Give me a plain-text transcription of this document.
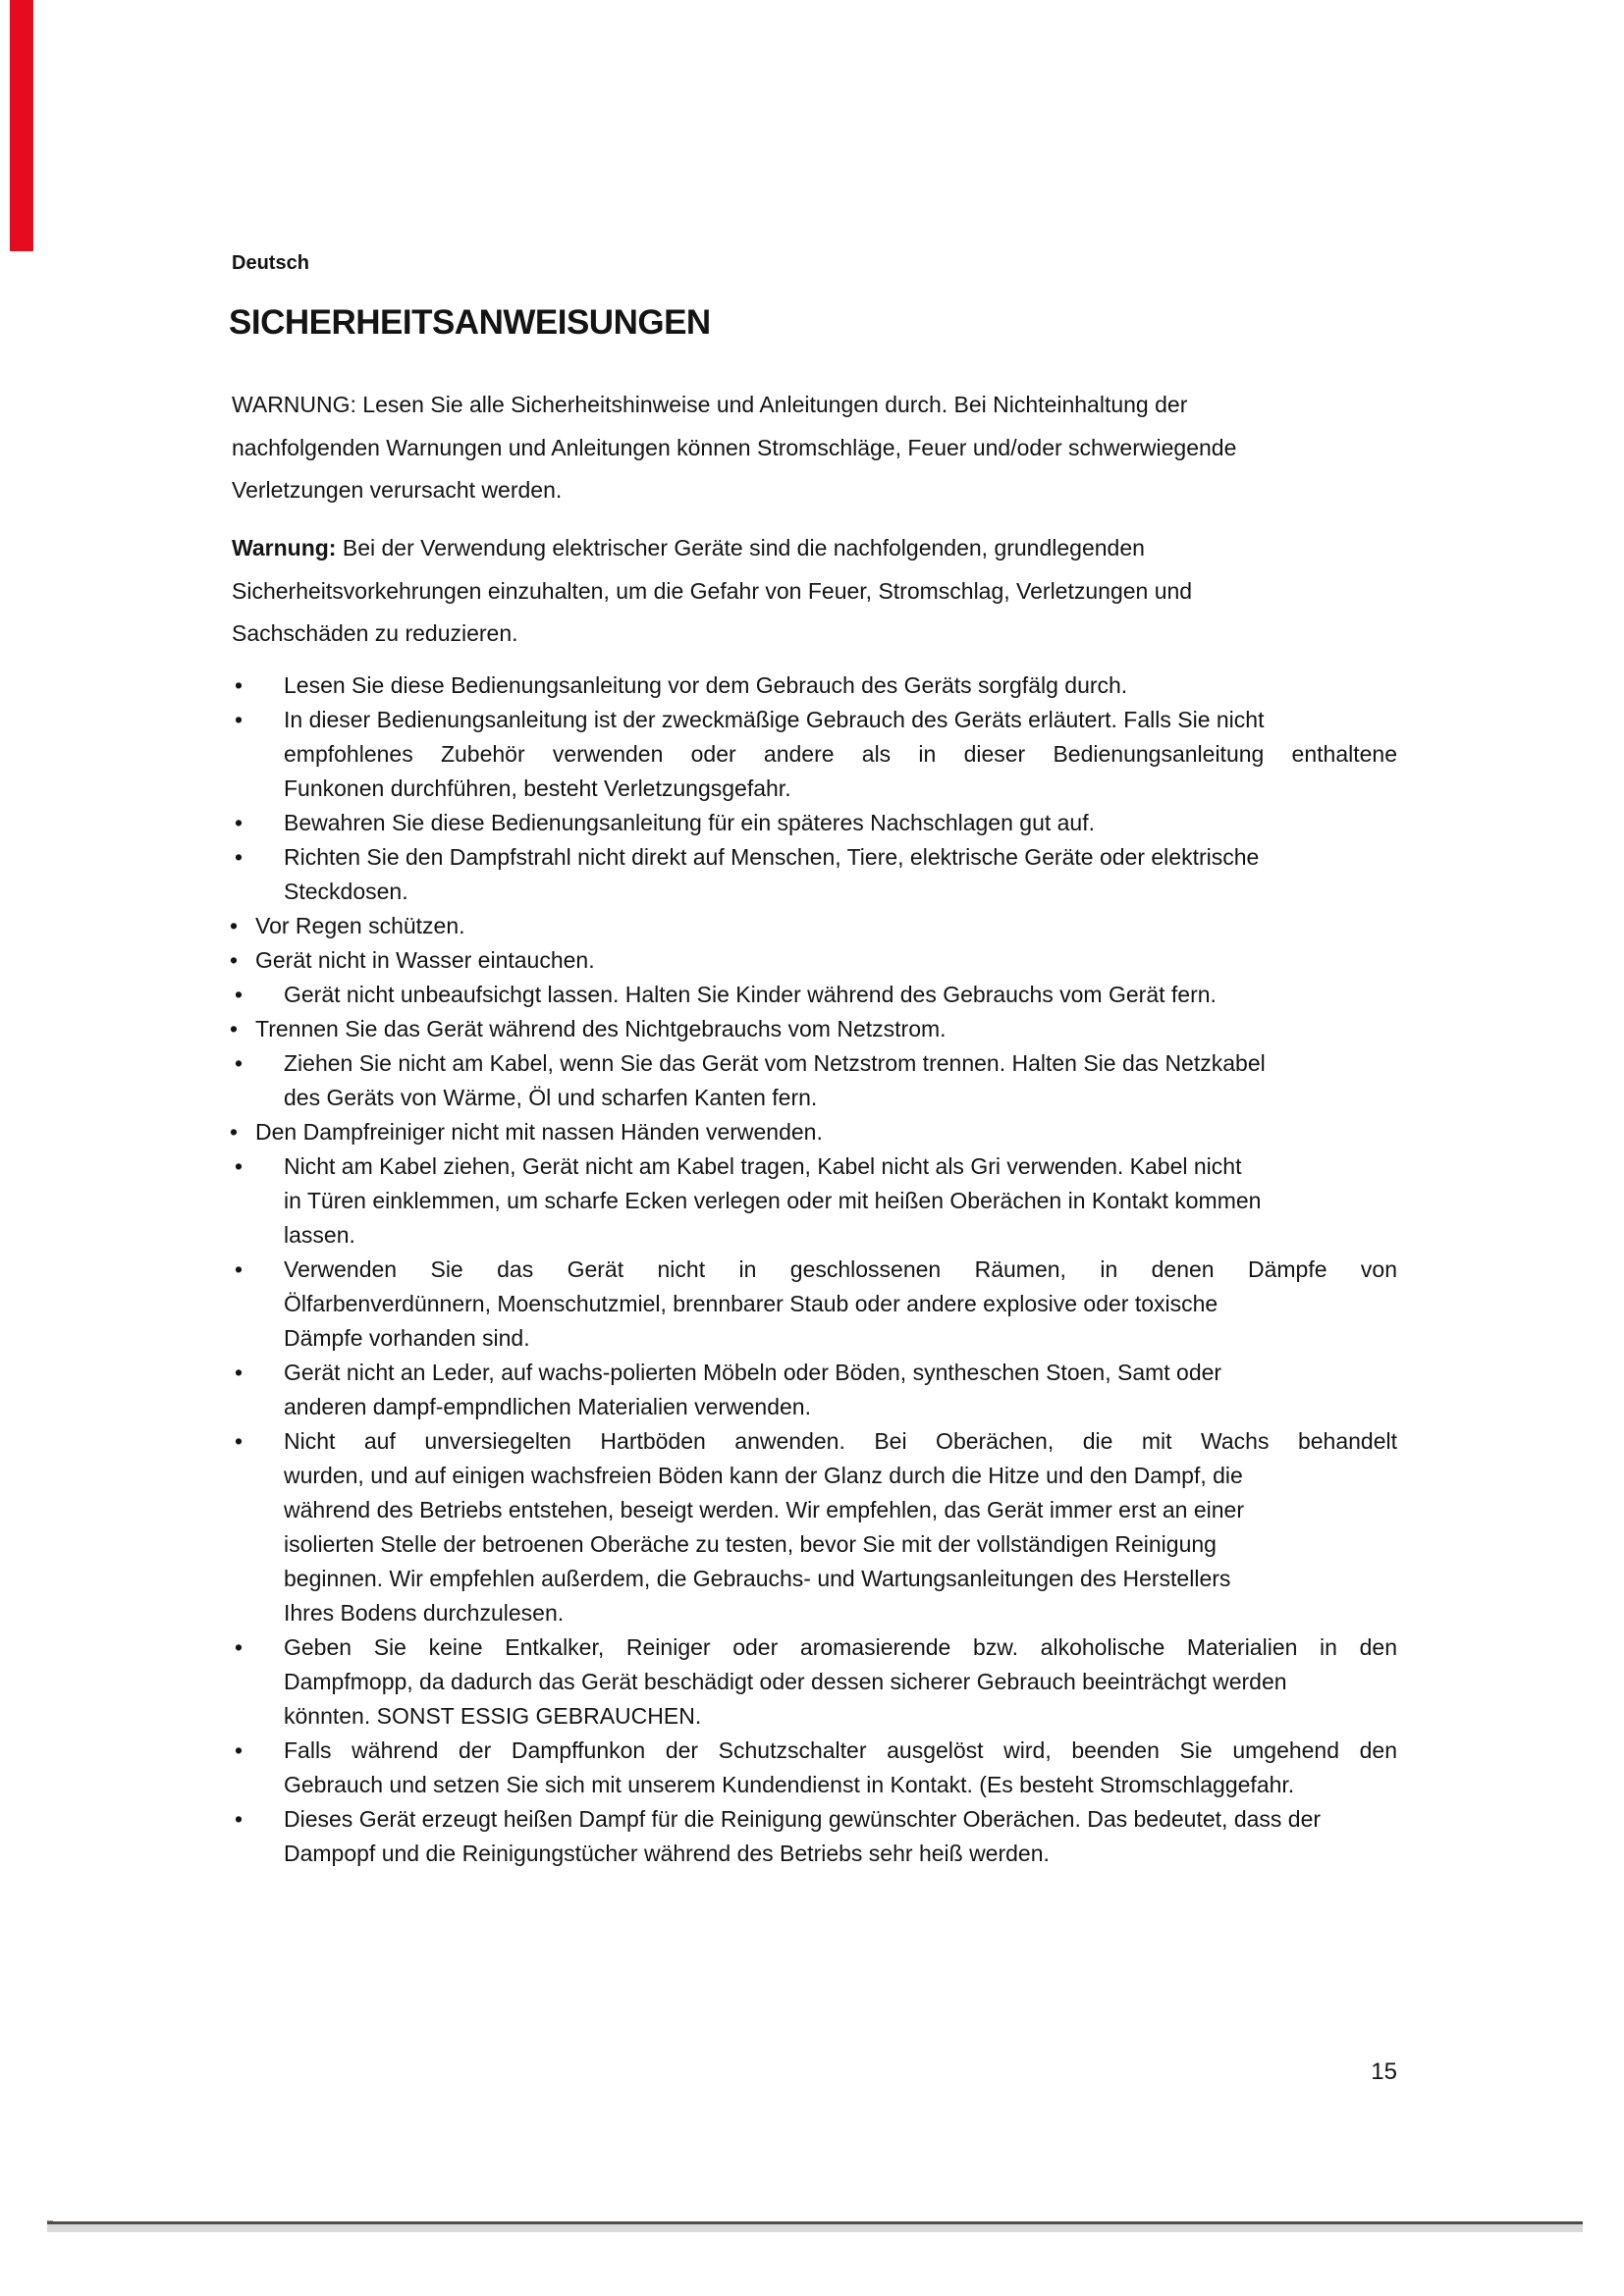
Deutsch
SICHERHEITSANWEISUNGEN
WARNUNG: Lesen Sie alle Sicherheitshinweise und Anleitungen durch. Bei Nichteinhaltung der
nachfolgenden Warnungen und Anleitungen können Stromschläge, Feuer und/oder schwerwiegende
Verletzungen verursacht werden.
Warnung: Bei der Verwendung elektrischer Geräte sind die nachfolgenden, grundlegenden
Sicherheitsvorkehrungen einzuhalten, um die Gefahr von Feuer, Stromschlag, Verletzungen und
Sachschäden zu reduzieren.
•	Lesen Sie diese Bedienungsanleitung vor dem Gebrauch des Geräts sorgfälg durch.
•	In dieser Bedienungsanleitung ist der zweckmäßige Gebrauch des Geräts erläutert. Falls Sie nicht
empfohlenes Zubehör verwenden oder andere als in dieser Bedienungsanleitung enthaltene
Funkonen durchführen, besteht Verletzungsgefahr.
•	Bewahren Sie diese Bedienungsanleitung für ein späteres Nachschlagen gut auf.
•	Richten Sie den Dampfstrahl nicht direkt auf Menschen, Tiere, elektrische Geräte oder elektrische
Steckdosen.
• Vor Regen schützen.
• Gerät nicht in Wasser eintauchen.
•	Gerät nicht unbeaufsichgt lassen. Halten Sie Kinder während des Gebrauchs vom Gerät fern.
• Trennen Sie das Gerät während des Nichtgebrauchs vom Netzstrom.
•	Ziehen Sie nicht am Kabel, wenn Sie das Gerät vom Netzstrom trennen. Halten Sie das Netzkabel
des Geräts von Wärme, Öl und scharfen Kanten fern.
• Den Dampfreiniger nicht mit nassen Händen verwenden.
•	Nicht am Kabel ziehen, Gerät nicht am Kabel tragen, Kabel nicht als Gri verwenden. Kabel nicht
in Türen einklemmen, um scharfe Ecken verlegen oder mit heißen Oberächen in Kontakt kommen
lassen.
•	Verwenden Sie das Gerät nicht in geschlossenen Räumen, in denen Dämpfe von
Ölfarbenverdünnern, Moenschutzmiel, brennbarer Staub oder andere explosive oder toxische
Dämpfe vorhanden sind.
•	Gerät nicht an Leder, auf wachs-polierten Möbeln oder Böden, syntheschen Stoen, Samt oder
anderen dampf-empndlichen Materialien verwenden.
•	Nicht auf unversiegelten Hartböden anwenden. Bei Oberächen, die mit Wachs behandelt
wurden, und auf einigen wachsfreien Böden kann der Glanz durch die Hitze und den Dampf, die
während des Betriebs entstehen, beseigt werden. Wir empfehlen, das Gerät immer erst an einer
isolierten Stelle der betroenen Oberäche zu testen, bevor Sie mit der vollständigen Reinigung
beginnen. Wir empfehlen außerdem, die Gebrauchs- und Wartungsanleitungen des Herstellers
Ihres Bodens durchzulesen.
•	Geben Sie keine Entkalker, Reiniger oder aromasierende bzw. alkoholische Materialien in den
Dampfmopp, da dadurch das Gerät beschädigt oder dessen sicherer Gebrauch beeinträchgt werden
könnten. SONST ESSIG GEBRAUCHEN.
•	Falls während der Dampffunkon der Schutzschalter ausgelöst wird, beenden Sie umgehend den
Gebrauch und setzen Sie sich mit unserem Kundendienst in Kontakt. (Es besteht Stromschlaggefahr.
•	Dieses Gerät erzeugt heißen Dampf für die Reinigung gewünschter Oberächen. Das bedeutet, dass der
Dampopf und die Reinigungstücher während des Betriebs sehr heiß werden.
15
